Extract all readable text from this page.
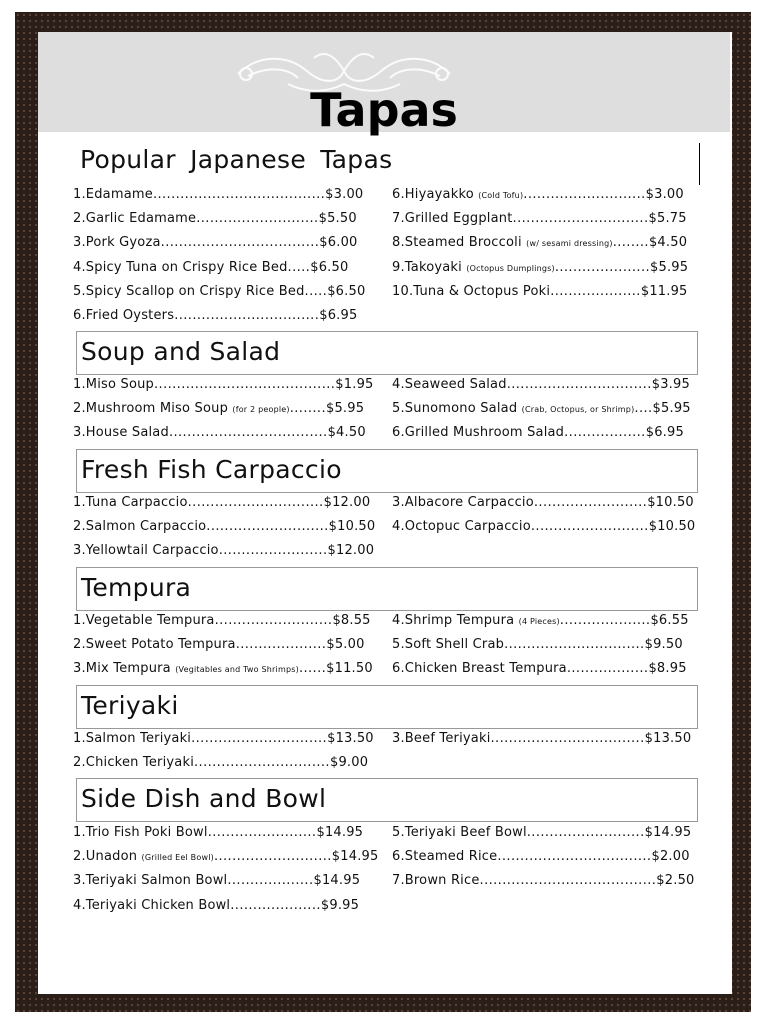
Tapas
Popular Japanese Tapas
Soup and Salad
Fresh Fish Carpaccio
Tempura
Teriyaki
Side Dish and Bowl
1.Edamame......................................$3.00
2.Garlic Edamame...........................$5.50
3.Pork Gyoza...................................$6.00
4.Spicy Tuna on Crispy Rice Bed.....$6.50
5.Spicy Scallop on Crispy Rice Bed.....$6.50
6.Fried Oysters................................$6.95
6.Hiyayakko (Cold Tofu)...........................$3.00
7.Grilled Eggplant..............................$5.75
8.Steamed Broccoli (w/ sesami dressing)........$4.50
9.Takoyaki (Octopus Dumplings).....................$5.95
10.Tuna & Octopus Poki....................$11.95
1.Miso Soup........................................$1.95
2.Mushroom Miso Soup (for 2 people)........$5.95
3.House Salad...................................$4.50
4.Seaweed Salad................................$3.95
5.Sunomono Salad (Crab, Octopus, or Shrimp)....$5.95
6.Grilled Mushroom Salad..................$6.95
1.Tuna Carpaccio..............................$12.00
2.Salmon Carpaccio...........................$10.50
3.Yellowtail Carpaccio........................$12.00
3.Albacore Carpaccio.........................$10.50
4.Octopuc Carpaccio..........................$10.50
1.Vegetable Tempura..........................$8.55
2.Sweet Potato Tempura....................$5.00
3.Mix Tempura (Vegitables and Two Shrimps)......$11.50
4.Shrimp Tempura (4 Pieces)....................$6.55
5.Soft Shell Crab...............................$9.50
6.Chicken Breast Tempura..................$8.95
1.Salmon Teriyaki..............................$13.50
2.Chicken Teriyaki..............................$9.00
3.Beef Teriyaki..................................$13.50
1.Trio Fish Poki Bowl........................$14.95
2.Unadon (Grilled Eel Bowl)..........................$14.95
3.Teriyaki Salmon Bowl...................$14.95
4.Teriyaki Chicken Bowl....................$9.95
5.Teriyaki Beef Bowl..........................$14.95
6.Steamed Rice..................................$2.00
7.Brown Rice.......................................$2.50
